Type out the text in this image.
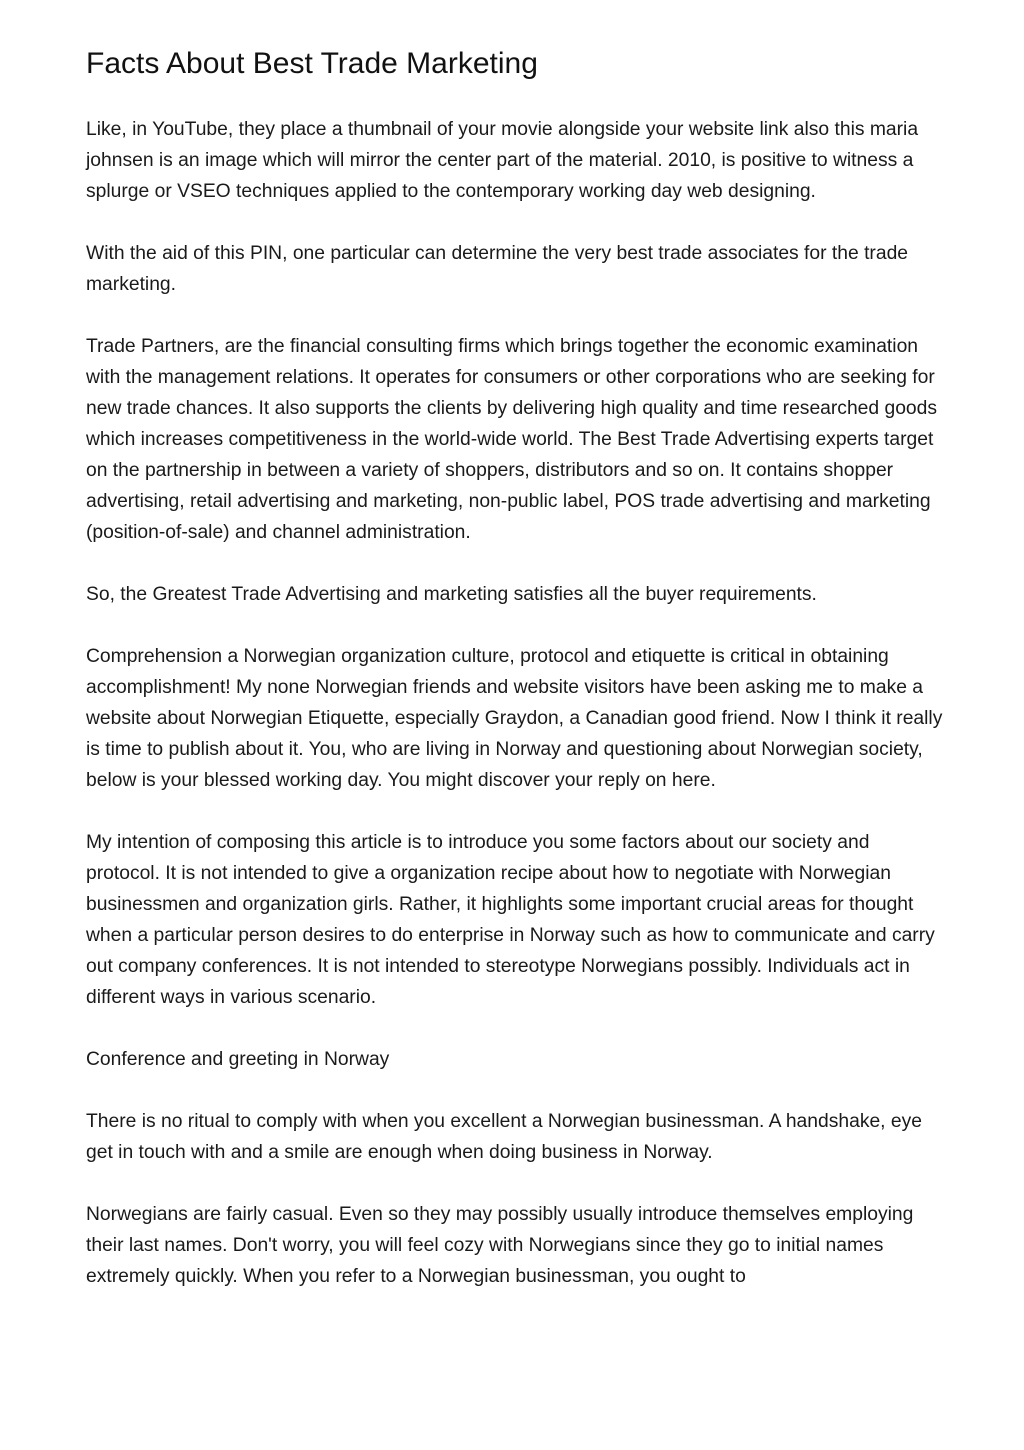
Facts About Best Trade Marketing

Like, in YouTube, they place a thumbnail of your movie alongside your website link also this maria johnsen is an image which will mirror the center part of the material. 2010, is positive to witness a splurge or VSEO techniques applied to the contemporary working day web designing.

With the aid of this PIN, one particular can determine the very best trade associates for the trade marketing.

Trade Partners, are the financial consulting firms which brings together the economic examination with the management relations. It operates for consumers or other corporations who are seeking for new trade chances. It also supports the clients by delivering high quality and time researched goods which increases competitiveness in the world-wide world. The Best Trade Advertising experts target on the partnership in between a variety of shoppers, distributors and so on. It contains shopper advertising, retail advertising and marketing, non-public label, POS trade advertising and marketing (position-of-sale) and channel administration.

So, the Greatest Trade Advertising and marketing satisfies all the buyer requirements.

Comprehension a Norwegian organization culture, protocol and etiquette is critical in obtaining accomplishment! My none Norwegian friends and website visitors have been asking me to make a website about Norwegian Etiquette, especially Graydon, a Canadian good friend. Now I think it really is time to publish about it. You, who are living in Norway and questioning about Norwegian society, below is your blessed working day. You might discover your reply on here.

My intention of composing this article is to introduce you some factors about our society and protocol. It is not intended to give a organization recipe about how to negotiate with Norwegian businessmen and organization girls. Rather, it highlights some important crucial areas for thought when a particular person desires to do enterprise in Norway such as how to communicate and carry out company conferences. It is not intended to stereotype Norwegians possibly. Individuals act in different ways in various scenario.

Conference and greeting in Norway

There is no ritual to comply with when you excellent a Norwegian businessman. A handshake, eye get in touch with and a smile are enough when doing business in Norway.

Norwegians are fairly casual. Even so they may possibly usually introduce themselves employing their last names. Don't worry, you will feel cozy with Norwegians since they go to initial names extremely quickly. When you refer to a Norwegian businessman, you ought to
